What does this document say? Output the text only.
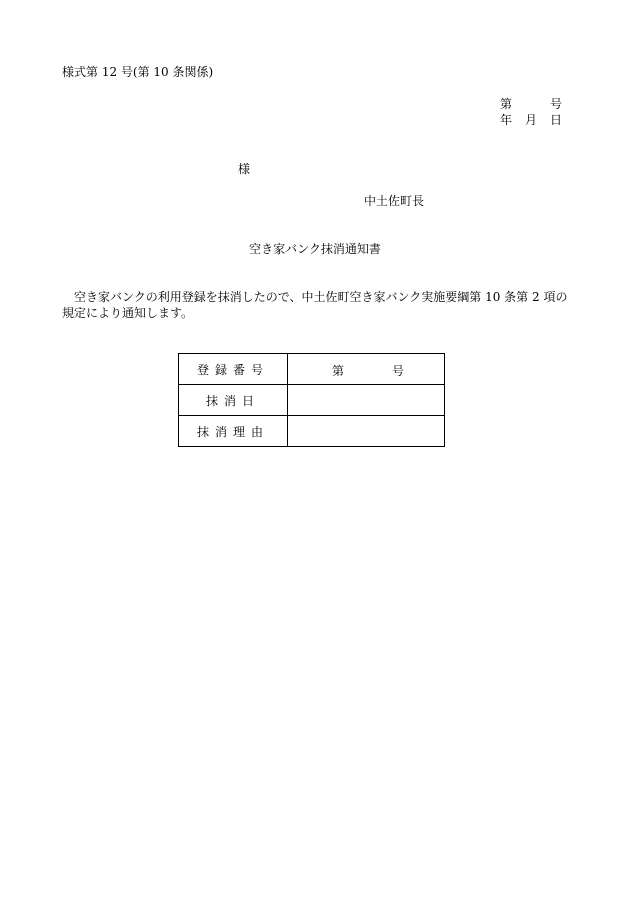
様式第 12 号(第 10 条関係)
第	号
年 月 日
様
中土佐町長
空き家バンク抹消通知書
空き家バンクの利用登録を抹消したので、中土佐町空き家バンク実施要綱第 10 条第 2 項の規定により通知します。
登録番号	第 号

抹消日	
抹消理由	
